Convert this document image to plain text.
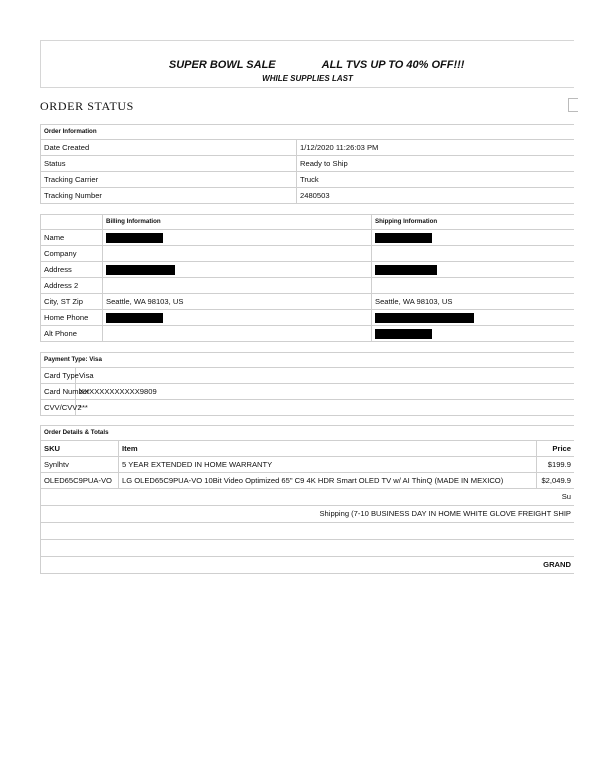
SUPER BOWL SALE	ALL TVS UP TO 40% OFF!!!

WHILE SUPPLIES LAST
ORDER STATUS
Order Information	
Date Created	1/12/2020 11:26:03 PM
Status	Ready to Ship
Tracking Carrier	Truck
Tracking Number	2480503
	Billing Information	Shipping Information
Name		
Company		
Address		
Address 2		
City, ST Zip	Seattle, WA 98103, US	Seattle, WA 98103, US
Home Phone		
Alt Phone		
Payment Type: Visa	
Card Type	Visa
Card Number	XXXXXXXXXXXX9809
CVV/CVV2	***
Order Details & Totals		
SKU	Item	Price
Synlhtv	5 YEAR EXTENDED IN HOME WARRANTY	$199.9
OLED65C9PUA-VO	LG OLED65C9PUA-VO 10Bit Video Optimized 65" C9 4K HDR Smart OLED TV w/ AI ThinQ (MADE IN MEXICO)	$2,049.9
Su		
Shipping (7-10 BUSINESS DAY IN HOME WHITE GLOVE FREIGHT SHIP		

GRAND		
